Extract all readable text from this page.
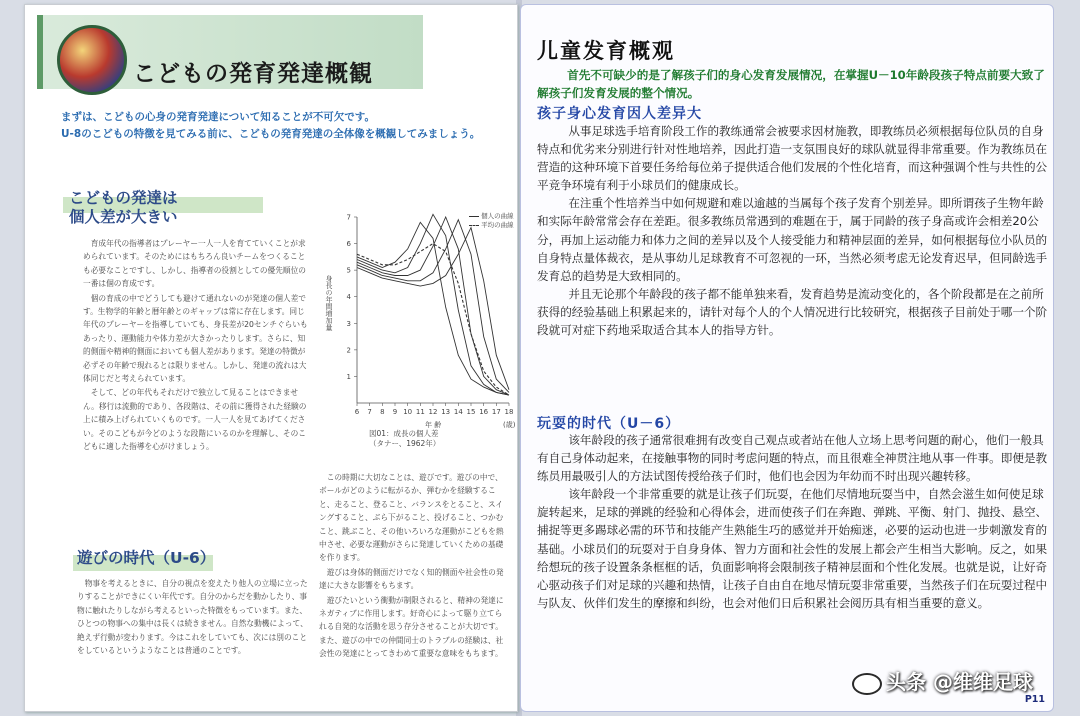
こどもの発育発達概観
まずは、こどもの心身の発育発達について知ることが不可欠です。
U-8のこどもの特徴を見てみる前に、こどもの発育発達の全体像を概観してみましょう。
こどもの発達は
個人差が大きい

育成年代の指導者はプレーヤー一人一人を育てていくことが求められています。そのためにはもちろん良いチームをつくることも必要なことですし、しかし、指導者の役割としての優先順位の一番は個の育成です。

個の育成の中でどうしても避けて通れないのが発達の個人差です。生物学的年齢と暦年齢とのギャップは常に存在します。同じ年代のプレーヤーを指導していても、身長差が20センチぐらいもあったり、運動能力や体力差が大きかったりします。さらに、知的側面や精神的側面においても個人差があります。発達の特徴が必ずその年齢で現れるとは限りません。しかし、発達の流れは大体同じだと考えられています。

そして、どの年代もそれだけで独立して見ることはできません。移行は流動的であり、各段階は、その前に獲得された経験の上に積み上げられていくものです。一人一人を見てあげてください。そのこどもが今どのような段階にいるのかを理解し、そのこどもに適した指導を心がけましょう。

遊びの時代（U-6）

物事を考えるときに、自分の視点を変えたり他人の立場に立ったりすることができにくい年代です。自分のからだを動かしたり、事物に触れたりしながら考えるといった特徴をもっています。また、ひとつの物事への集中は長くは続きません。自然な動機によって、絶えず行動が変わります。今はこれをしていても、次には別のことをしているというようなことは普通のことです。

この時期に大切なことは、遊びです。遊びの中で、ボールがどのように転がるか、弾むかを経験すること、走ること、登ること、バランスをとること、スイングすること、ぶら下がること、投げること、つかむこと、跳ぶこと、その他いろいろな運動がこどもを熱中させ、必要な運動がさらに発達していくための基礎を作ります。

遊びは身体的側面だけでなく知的側面や社会性の発達に大きな影響をもちます。

遊びたいという衝動が制限されると、精神の発達にネガティブに作用します。好奇心によって駆り立てられる自発的な活動を思う存分させることが大切です。また、遊びの中での仲間同士のトラブルの経験は、社会性の発達にとってきわめて重要な意味をもちます。

1
2
3
4
5
6
7
6 7 8 9 10 11 12 13 14 15 16 17 18
身長の年間増加量
年 齢	(歳)
個人の曲線
平均の曲線
図01：成長の個人差
（タナー、1962年）
儿童发育概观
首先不可缺少的是了解孩子们的身心发育发展情况，在掌握U－10年龄段孩子特点前要大致了解孩子们发育发展的整个情况。
孩子身心发育因人差异大

从事足球选手培育阶段工作的教练通常会被要求因材施教，即教练员必须根据每位队员的自身特点和优劣来分别进行针对性地培养，因此打造一支氛围良好的球队就显得非常重要。作为教练员在营造的这种环境下首要任务给每位弟子提供适合他们发展的个性化培育，而这种强调个性与共性的公平竞争环境有利于小球员们的健康成长。

在注重个性培养当中如何规避和难以逾越的当属每个孩子发育个别差异。即所谓孩子生物年龄和实际年龄常常会存在差距。很多教练员常遇到的难题在于，属于同龄的孩子身高或许会相差20公分，再加上运动能力和体力之间的差异以及个人接受能力和精神层面的差异，如何根据每位小队员的自身特点量体裁衣，是从事幼儿足球教育不可忽视的一环，当然必须考虑无论发育迟早，但同龄选手发育总的趋势是大致相同的。

并且无论那个年龄段的孩子都不能单独来看，发育趋势是流动变化的，各个阶段都是在之前所获得的经验基础上积累起来的，请针对每个人的个人情况进行比较研究，根据孩子目前处于哪一个阶段就可对症下药地采取适合其本人的指导方针。

玩耍的时代（U－6）

该年龄段的孩子通常很难拥有改变自己观点或者站在他人立场上思考问题的耐心，他们一般具有自己身体动起来，在接触事物的同时考虑问题的特点，而且很难全神贯注地从事一件事。即便是教练员用最吸引人的方法试图传授给孩子们时，他们也会因为年幼而不时出现兴趣转移。

该年龄段一个非常重要的就是让孩子们玩耍，在他们尽情地玩耍当中，自然会滋生如何使足球旋转起来，足球的弹跳的经验和心得体会，进而使孩子们在奔跑、弹跳、平衡、射门、抛投、悬空、捕捉等更多踢球必需的环节和技能产生熟能生巧的感觉并开始痴迷，必要的运动也进一步刺激发育的基础。小球员们的玩耍对于自身身体、智力方面和社会性的发展上都会产生相当大影响。反之，如果给想玩的孩子设置条条框框的话，负面影响将会限制孩子精神层面和个性化发展。也就是说，让好奇心驱动孩子们对足球的兴趣和热情，让孩子自由自在地尽情玩耍非常重要，当然孩子们在玩耍过程中与队友、伙伴们发生的摩擦和纠纷，也会对他们日后积累社会阅历具有相当重要的意义。

P11
头条 @维维足球
